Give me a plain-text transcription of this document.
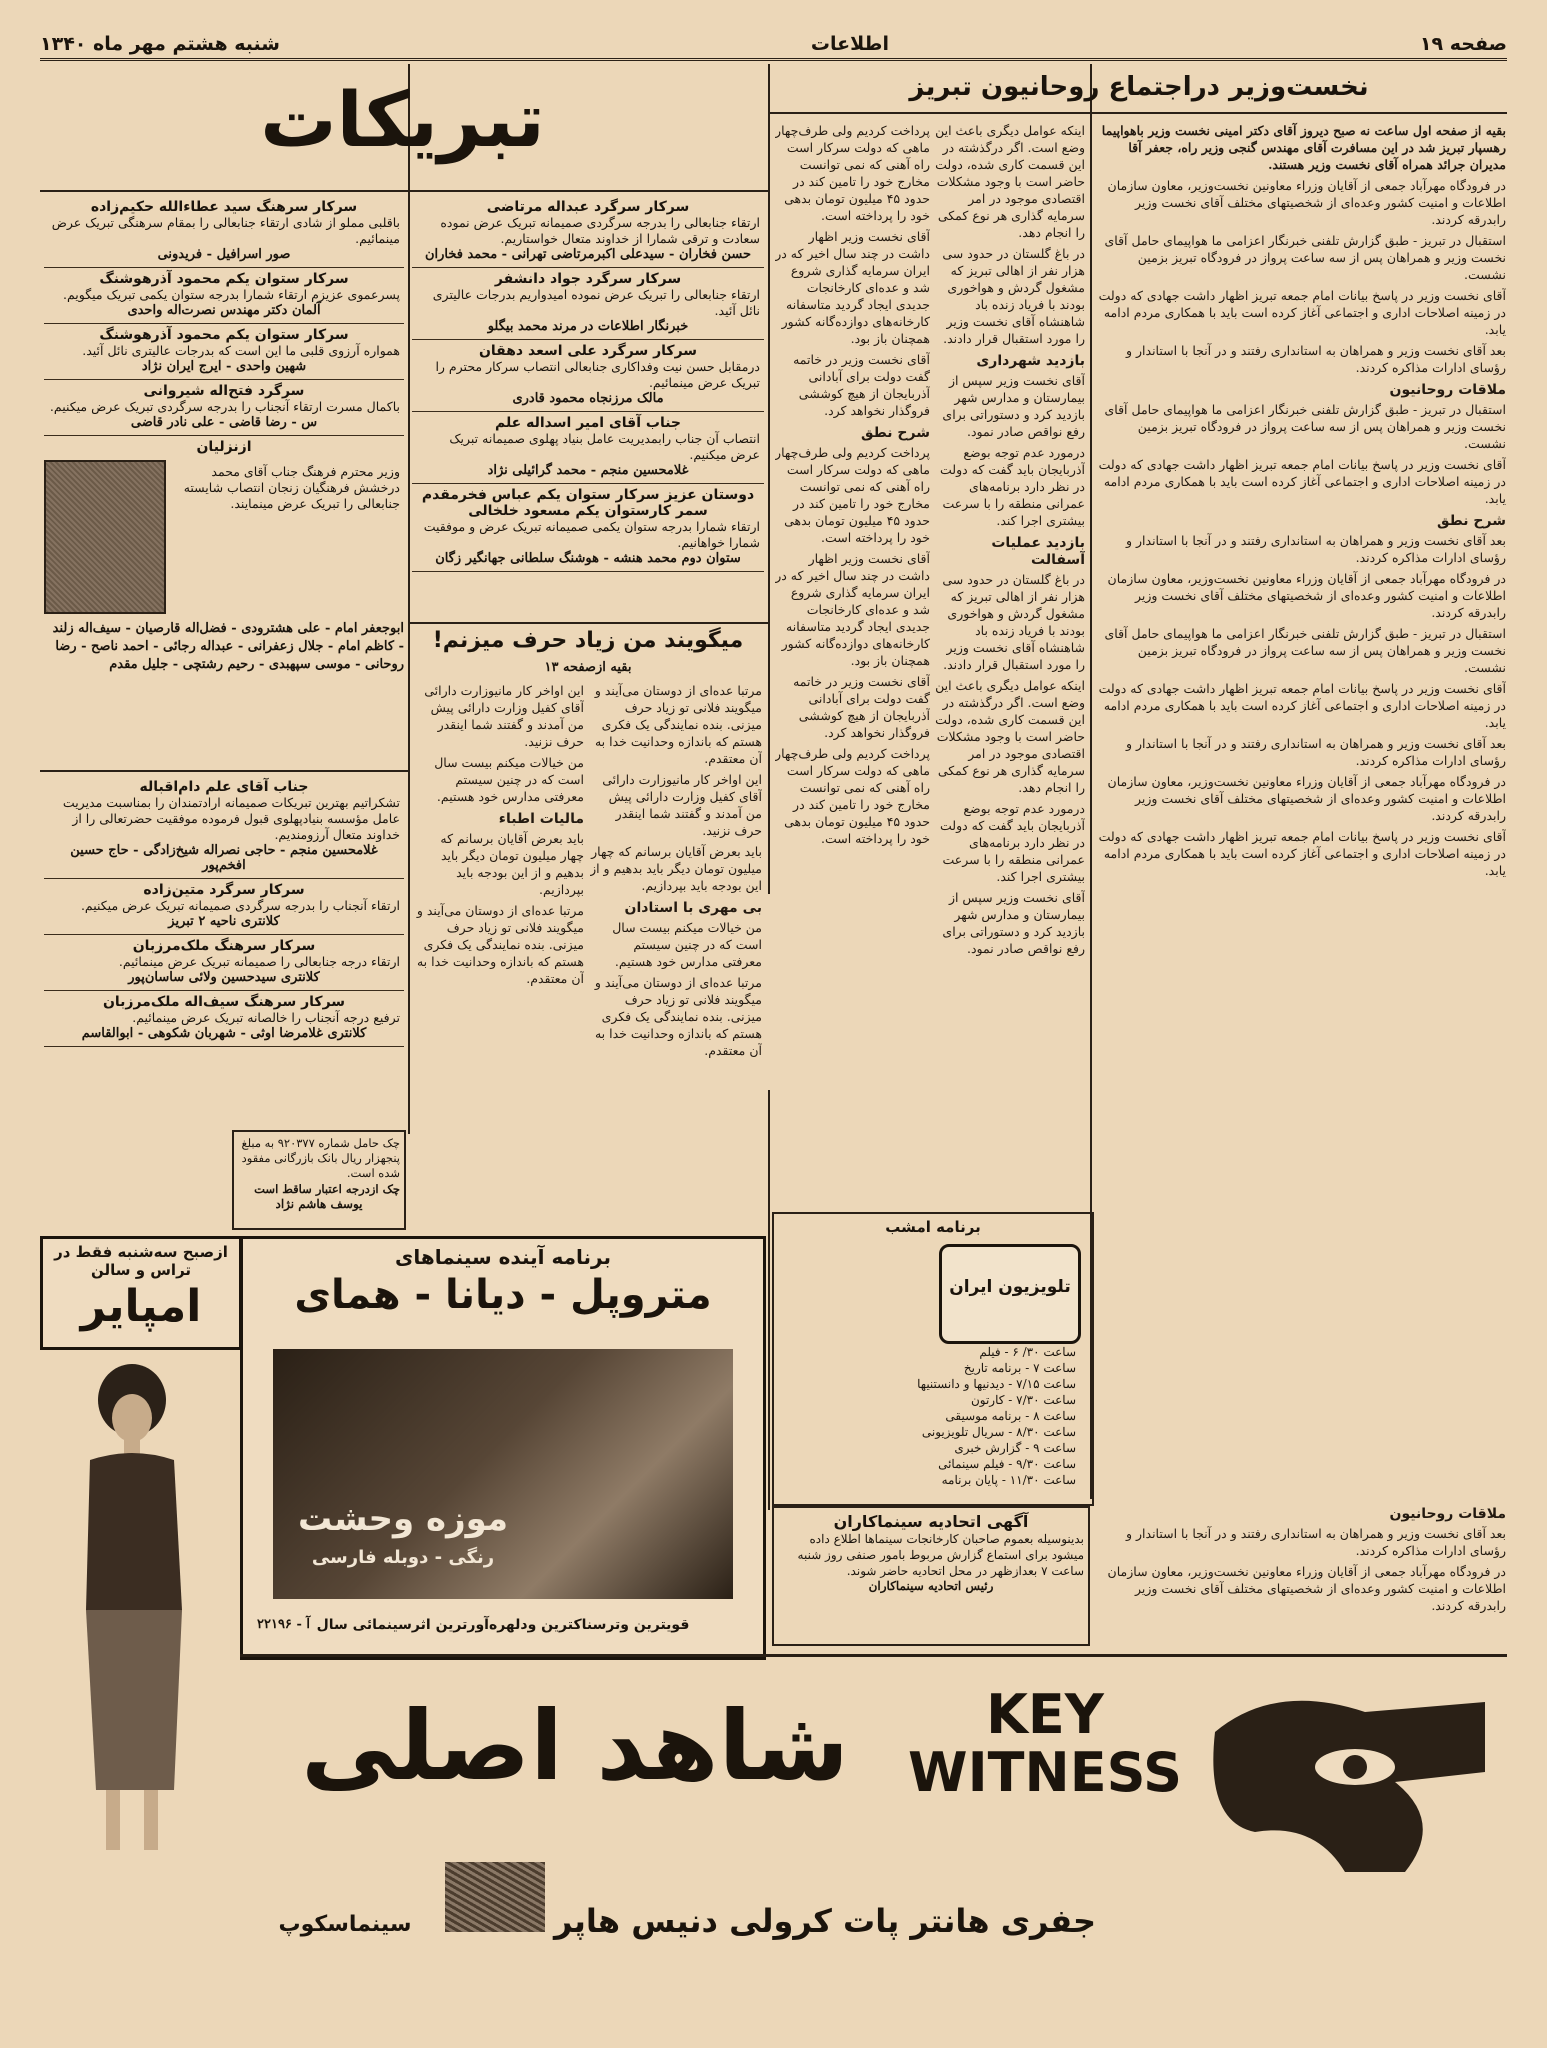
شنبه هشتم مهر ماه ۱۳۴۰	اطلاعات	صفحه ۱۹
نخست‌وزیر دراجتماع روحانیون تبریز

بقیه از صفحه اول ساعت نه صبح دیروز آقای دکتر امینی نخست وزیر باهواپیما رهسپار تبریز شد در این مسافرت آقای مهندس گنجی وزیر راه، جعفر آقا مدیران جرائد همراه آقای نخست وزیر هستند.

در فرودگاه مهرآباد جمعی از آقایان وزراء معاونین نخست‌وزیر، معاون سازمان اطلاعات و امنیت کشور وعده‌ای از شخصیتهای مختلف آقای نخست وزیر رابدرقه کردند.

استقبال در تبریز - طبق گزارش تلفنی خبرنگار اعزامی ما هواپیمای حامل آقای نخست وزیر و همراهان پس از سه ساعت پرواز در فرودگاه تبریز بزمین نشست.

آقای نخست وزیر در پاسخ بیانات امام جمعه تبریز اظهار داشت جهادی که دولت در زمینه اصلاحات اداری و اجتماعی آغاز کرده است باید با همکاری مردم ادامه یابد.

بعد آقای نخست وزیر و همراهان به استانداری رفتند و در آنجا با استاندار و رؤسای ادارات مذاکره کردند.

ملاقات روحانیون

استقبال در تبریز - طبق گزارش تلفنی خبرنگار اعزامی ما هواپیمای حامل آقای نخست وزیر و همراهان پس از سه ساعت پرواز در فرودگاه تبریز بزمین نشست.

آقای نخست وزیر در پاسخ بیانات امام جمعه تبریز اظهار داشت جهادی که دولت در زمینه اصلاحات اداری و اجتماعی آغاز کرده است باید با همکاری مردم ادامه یابد.

شرح نطق

بعد آقای نخست وزیر و همراهان به استانداری رفتند و در آنجا با استاندار و رؤسای ادارات مذاکره کردند.

در فرودگاه مهرآباد جمعی از آقایان وزراء معاونین نخست‌وزیر، معاون سازمان اطلاعات و امنیت کشور وعده‌ای از شخصیتهای مختلف آقای نخست وزیر رابدرقه کردند.

استقبال در تبریز - طبق گزارش تلفنی خبرنگار اعزامی ما هواپیمای حامل آقای نخست وزیر و همراهان پس از سه ساعت پرواز در فرودگاه تبریز بزمین نشست.

آقای نخست وزیر در پاسخ بیانات امام جمعه تبریز اظهار داشت جهادی که دولت در زمینه اصلاحات اداری و اجتماعی آغاز کرده است باید با همکاری مردم ادامه یابد.

بعد آقای نخست وزیر و همراهان به استانداری رفتند و در آنجا با استاندار و رؤسای ادارات مذاکره کردند.

در فرودگاه مهرآباد جمعی از آقایان وزراء معاونین نخست‌وزیر، معاون سازمان اطلاعات و امنیت کشور وعده‌ای از شخصیتهای مختلف آقای نخست وزیر رابدرقه کردند.

آقای نخست وزیر در پاسخ بیانات امام جمعه تبریز اظهار داشت جهادی که دولت در زمینه اصلاحات اداری و اجتماعی آغاز کرده است باید با همکاری مردم ادامه یابد.

اینکه عوامل دیگری باعث این وضع است. اگر درگذشته در این قسمت کاری شده، دولت حاضر است با وجود مشکلات اقتصادی موجود در امر سرمایه گذاری هر نوع کمکی را انجام دهد.

در باغ گلستان در حدود سی هزار نفر از اهالی تبریز که مشغول گردش و هواخوری بودند با فریاد زنده باد شاهنشاه آقای نخست وزیر را مورد استقبال قرار دادند.

بازدید شهرداری

آقای نخست وزیر سپس از بیمارستان و مدارس شهر بازدید کرد و دستوراتی برای رفع نواقص صادر نمود.

درمورد عدم توجه بوضع آذربایجان باید گفت که دولت در نظر دارد برنامه‌های عمرانی منطقه را با سرعت بیشتری اجرا کند.

بازدید عملیات آسفالت

در باغ گلستان در حدود سی هزار نفر از اهالی تبریز که مشغول گردش و هواخوری بودند با فریاد زنده باد شاهنشاه آقای نخست وزیر را مورد استقبال قرار دادند.

اینکه عوامل دیگری باعث این وضع است. اگر درگذشته در این قسمت کاری شده، دولت حاضر است با وجود مشکلات اقتصادی موجود در امر سرمایه گذاری هر نوع کمکی را انجام دهد.

درمورد عدم توجه بوضع آذربایجان باید گفت که دولت در نظر دارد برنامه‌های عمرانی منطقه را با سرعت بیشتری اجرا کند.

آقای نخست وزیر سپس از بیمارستان و مدارس شهر بازدید کرد و دستوراتی برای رفع نواقص صادر نمود.

پرداخت کردیم ولی طرف‌چهار ماهی که دولت سرکار است راه آهنی که نمی توانست مخارج خود را تامین کند در حدود ۴۵ میلیون تومان بدهی خود را پرداخته است.

آقای نخست وزیر اظهار داشت در چند سال اخیر که در ایران سرمایه گذاری شروع شد و عده‌ای کارخانجات جدیدی ایجاد گردید متاسفانه کارخانه‌های دوازده‌گانه کشور همچنان باز بود.

آقای نخست وزیر در خاتمه گفت دولت برای آبادانی آذربایجان از هیچ کوششی فروگذار نخواهد کرد.

شرح نطق

پرداخت کردیم ولی طرف‌چهار ماهی که دولت سرکار است راه آهنی که نمی توانست مخارج خود را تامین کند در حدود ۴۵ میلیون تومان بدهی خود را پرداخته است.

آقای نخست وزیر اظهار داشت در چند سال اخیر که در ایران سرمایه گذاری شروع شد و عده‌ای کارخانجات جدیدی ایجاد گردید متاسفانه کارخانه‌های دوازده‌گانه کشور همچنان باز بود.

آقای نخست وزیر در خاتمه گفت دولت برای آبادانی آذربایجان از هیچ کوششی فروگذار نخواهد کرد.

پرداخت کردیم ولی طرف‌چهار ماهی که دولت سرکار است راه آهنی که نمی توانست مخارج خود را تامین کند در حدود ۴۵ میلیون تومان بدهی خود را پرداخته است.

تبریکات
سرکار سرگرد عبداله مرتاضی
ارتقاء جنابعالی را بدرجه سرگردی صمیمانه تبریک عرض نموده سعادت و ترقی شمارا از خداوند متعال خواستاریم.
حسن فخاران - سیدعلی اکبرمرتاضی تهرانی - محمد فخاران
سرکار سرگرد جواد دانشفر
ارتقاء جنابعالی را تبریک عرض نموده امیدواریم بدرجات عالیتری نائل آئید.
خبرنگار اطلاعات در مرند محمد بیگلو
سرکار سرگرد علی اسعد دهقان
درمقابل حسن نیت وفداکاری جنابعالی انتصاب سرکار محترم را تبریک عرض مینمائیم.
مالک مرزنجاه محمود قادری
جناب آقای امیر اسداله علم
انتصاب آن جناب رابمدیریت عامل بنیاد پهلوی صمیمانه تبریک عرض میکنیم.
غلامحسین منجم - محمد گرائیلی نژاد
دوستان عزیز سرکار ستوان یکم عباس فخرمقدم سمر کارستوان یکم مسعود خلخالی
ارتقاء شمارا بدرجه ستوان یکمی صمیمانه تبریک عرض و موفقیت شمارا خواهانیم.
ستوان دوم محمد هنشه - هوشنگ سلطانی جهانگیر زگان
سرکار سرهنگ سید عطاءالله حکیم‌زاده
باقلبی مملو از شادی ارتقاء جنابعالی را بمقام سرهنگی تبریک عرض مینمائیم.
صور اسرافیل - فریدونی
سرکار ستوان یکم محمود آذرهوشنگ
پسرعموی عزیزم ارتقاء شمارا بدرجه ستوان یکمی تبریک میگویم.
آلمان دکتر مهندس نصرت‌اله واحدی
سرکار ستوان یکم محمود آذرهوشنگ
همواره آرزوی قلبی ما این است که بدرجات عالیتری نائل آئید.
شهین واحدی - ایرج ایران نژاد
سرگرد فتح‌اله شیروانی
باکمال مسرت ارتقاء آنجناب را بدرجه سرگردی تبریک عرض میکنیم.
س - رضا قاضی - علی نادر قاضی
ازنزلیان
وزیر محترم فرهنگ جناب آقای محمد درخشش فرهنگیان زنجان انتصاب شایسته جنابعالی را تبریک عرض مینمایند.
ابوجعفر امام - علی هشترودی - فضل‌اله قارصیان - سیف‌اله زلند - کاظم امام - جلال زعفرانی - عبداله رجائی - احمد ناصح - رضا روحانی - موسی سپهبدی - رحیم رشتچی - جلیل مقدم
جناب آقای علم دام‌اقباله
تشکراتیم بهترین تبریکات صمیمانه ارادتمندان را بمناسبت مدیریت عامل مؤسسه بنیادپهلوی قبول فرموده موفقیت حضرتعالی را از خداوند متعال آرزومندیم.
غلامحسین منجم - حاجی نصراله شیخ‌زادگی - حاج حسین افخم‌پور
سرکار سرگرد متین‌زاده
ارتقاء آنجناب را بدرجه سرگردی صمیمانه تبریک عرض میکنیم.
کلانتری ناحیه ۲ تبریز
سرکار سرهنگ ملک‌مرزبان
ارتقاء درجه جنابعالی را صمیمانه تبریک عرض مینمائیم.
کلانتری سیدحسین ولائی ساسان‌پور
سرکار سرهنگ سیف‌اله ملک‌مرزبان
ترفیع درجه آنجناب را خالصانه تبریک عرض مینمائیم.
کلانتری غلامرضا اوثی - شهربان شکوهی - ابوالقاسم
چک حامل شماره ۹۲۰۳۷۷ به مبلغ پنجهزار ریال بانک بازرگانی مفقود شده است.
چک ازدرجه اعتبار ساقط است
یوسف هاشم نژاد
میگویند من زیاد حرف میزنم!
بقیه ازصفحه ۱۳

مرتبا عده‌ای از دوستان می‌آیند و میگویند فلانی تو زیاد حرف میزنی. بنده نمایندگی یک فکری هستم که باندازه وحدانیت خدا به آن معتقدم.

این اواخر کار مانیوزارت دارائی آقای کفیل وزارت دارائی پیش من آمدند و گفتند شما اینقدر حرف نزنید.

باید بعرض آقایان برسانم که چهار میلیون تومان دیگر باید بدهیم و از این بودجه باید بپردازیم.

بی مهری با استادان

من خیالات میکنم بیست سال است که در چنین سیستم معرفتی مدارس خود هستیم.

مرتبا عده‌ای از دوستان می‌آیند و میگویند فلانی تو زیاد حرف میزنی. بنده نمایندگی یک فکری هستم که باندازه وحدانیت خدا به آن معتقدم.

این اواخر کار مانیوزارت دارائی آقای کفیل وزارت دارائی پیش من آمدند و گفتند شما اینقدر حرف نزنید.

من خیالات میکنم بیست سال است که در چنین سیستم معرفتی مدارس خود هستیم.

مالیات اطباء

باید بعرض آقایان برسانم که چهار میلیون تومان دیگر باید بدهیم و از این بودجه باید بپردازیم.

مرتبا عده‌ای از دوستان می‌آیند و میگویند فلانی تو زیاد حرف میزنی. بنده نمایندگی یک فکری هستم که باندازه وحدانیت خدا به آن معتقدم.

ازصبح سه‌شنبه فقط در تراس و سالن
امپایر
برنامه آینده سینماهای
متروپل - دیانا - همای
موزه وحشت
رنگی - دوبله فارسی
قویترین وترسناکترین ودلهره‌آورترین اثرسینمائی سال
آ - ۲۲۱۹۶
برنامه امشب
تلویزیون ایران
ساعت ۳۰/ ۶ - فیلم
ساعت ۷ - برنامه تاریخ
ساعت ۷/۱۵ - دیدنیها و دانستنیها
ساعت ۷/۳۰ - کارتون
ساعت ۸ - برنامه موسیقی
ساعت ۸/۳۰ - سریال تلویزیونی
ساعت ۹ - گزارش خبری
ساعت ۹/۳۰ - فیلم سینمائی
ساعت ۱۱/۳۰ - پایان برنامه
آگهی اتحادیه سینماکاران
بدینوسیله بعموم صاحبان کارخانجات سینماها اطلاع داده میشود برای استماع گزارش مربوط بامور صنفی روز شنبه ساعت ۷ بعدازظهر در محل اتحادیه حاضر شوند.
رئیس اتحادیه سینماکاران
ملاقات روحانیون

بعد آقای نخست وزیر و همراهان به استانداری رفتند و در آنجا با استاندار و رؤسای ادارات مذاکره کردند.

در فرودگاه مهرآباد جمعی از آقایان وزراء معاونین نخست‌وزیر، معاون سازمان اطلاعات و امنیت کشور وعده‌ای از شخصیتهای مختلف آقای نخست وزیر رابدرقه کردند.

KEY WITNESS
شاهد اصلی
جفری هانتر پات کرولی دنیس هاپر
سینماسکوپ
